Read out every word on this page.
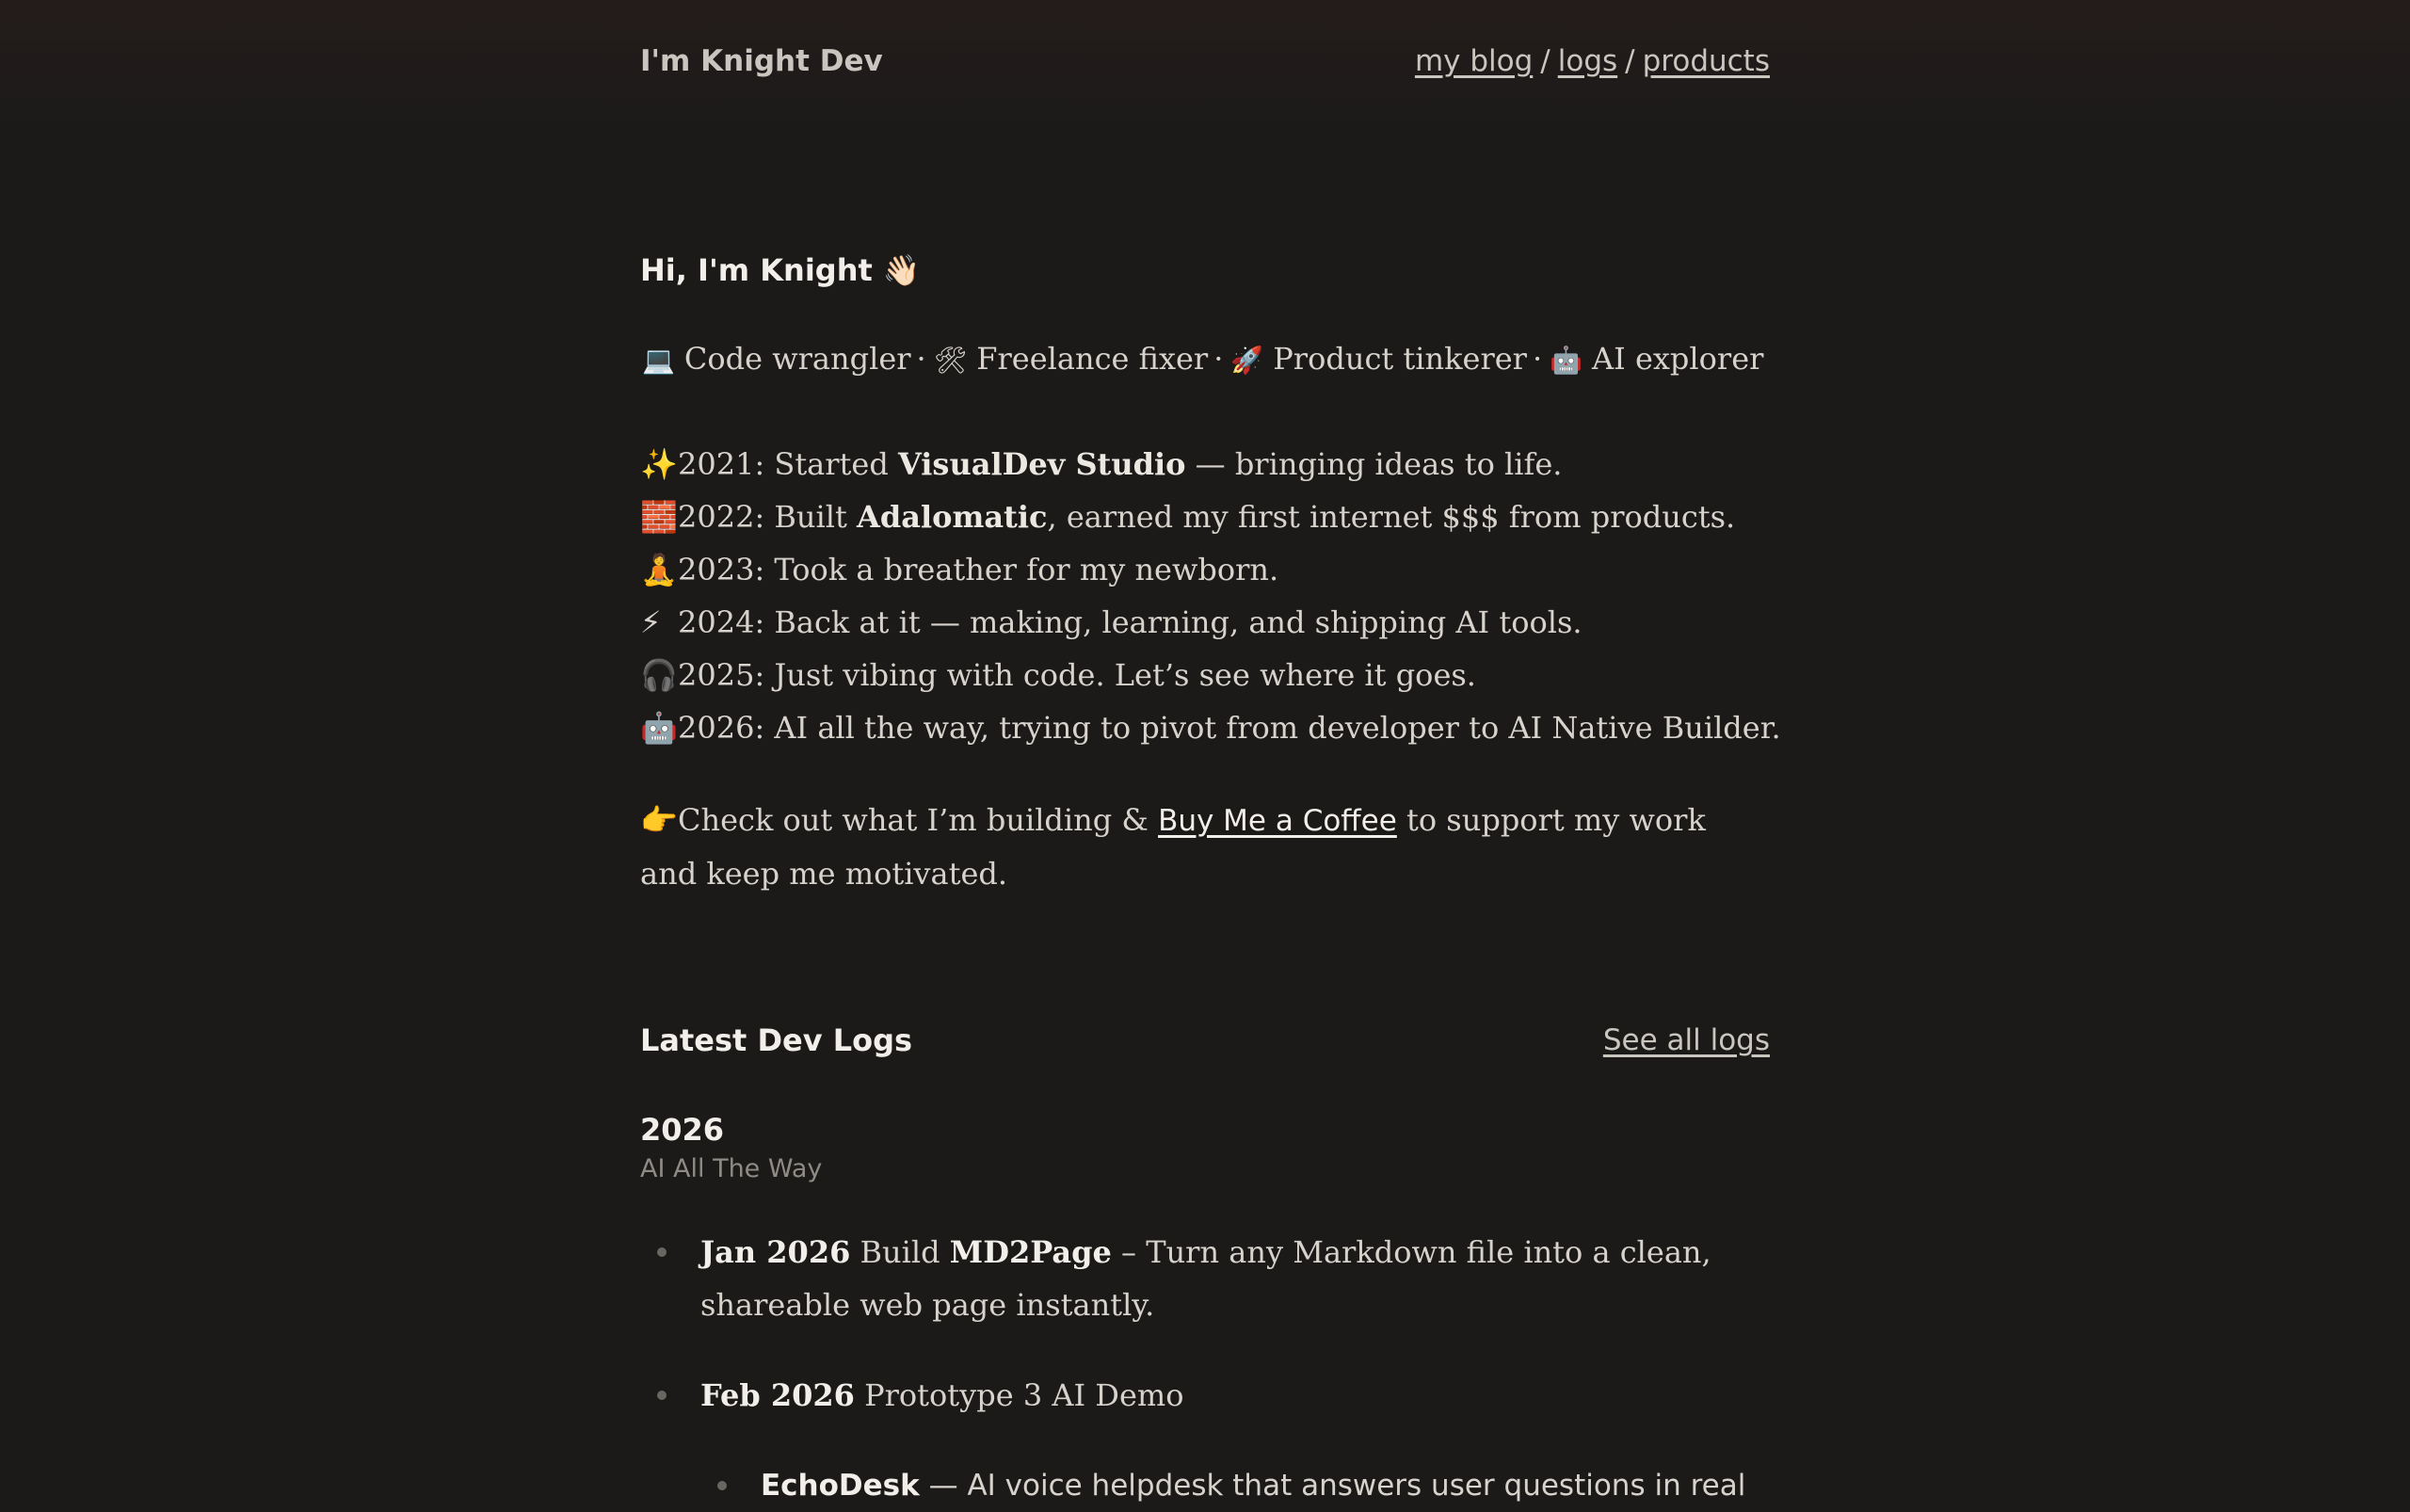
I'm Knight Dev	my blog / logs / products
Hi, I'm Knight 👋🏻
💻 Code wrangler · 🛠 Freelance fixer · 🚀 Product tinkerer · 🤖 AI explorer
✨2021: Started VisualDev Studio — bringing ideas to life.
🧱2022: Built Adalomatic, earned my first internet $$$ from products.
🧘2023: Took a breather for my newborn.
⚡ 2024: Back at it — making, learning, and shipping AI tools.
🎧2025: Just vibing with code. Let’s see where it goes.
🤖2026: AI all the way, trying to pivot from developer to AI Native Builder.
👉Check out what I’m building & Buy Me a Coffee to support my work and keep me motivated.
Latest Dev Logs	See all logs
2026
AI All The Way
Jan 2026 Build MD2Page – Turn any Markdown file into a clean, shareable web page instantly.
Feb 2026 Prototype 3 AI Demo
EchoDesk — AI voice helpdesk that answers user questions in real
